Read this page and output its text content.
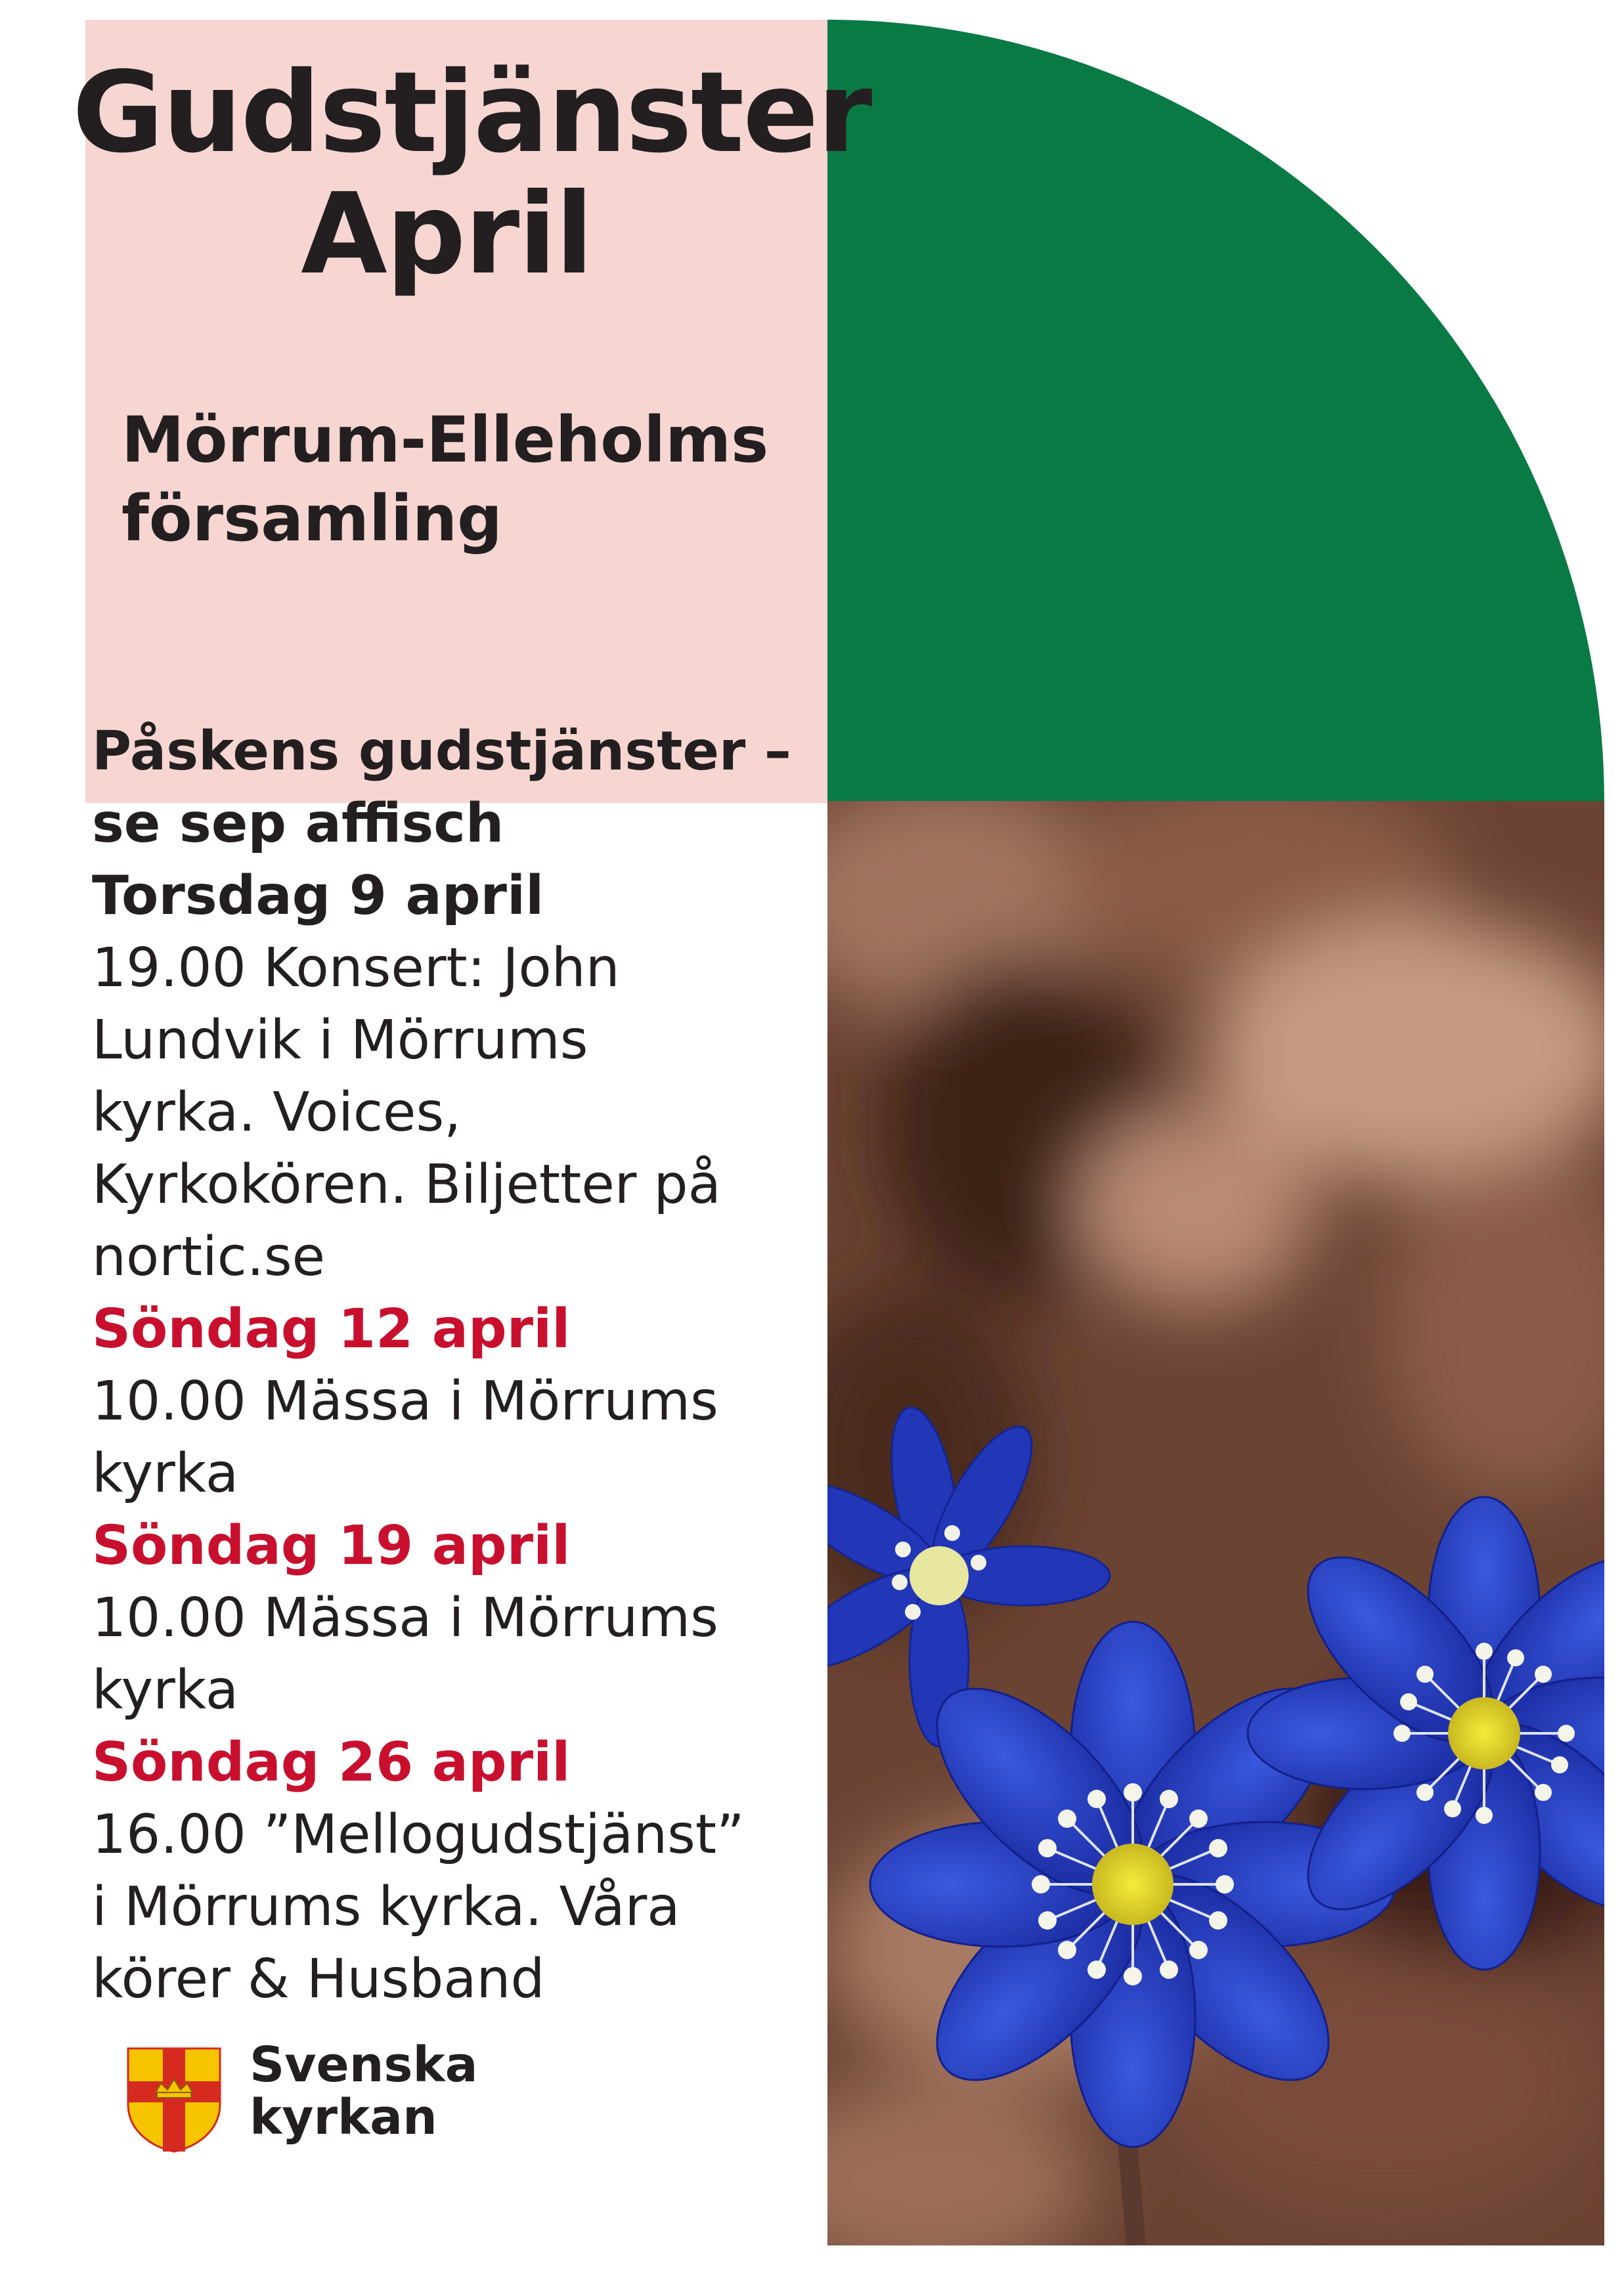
Gudstjänster
April
Mörrum-Elleholms
församling

Påskens gudstjänster –
se sep affisch

Torsdag 9 april

19.00 Konsert: John
Lundvik i Mörrums
kyrka. Voices,
Kyrkokören. Biljetter på
nortic.se

Söndag 12 april

10.00 Mässa i Mörrums
kyrka

Söndag 19 april

10.00 Mässa i Mörrums
kyrka

Söndag 26 april

16.00 ”Mellogudstjänst”
i Mörrums kyrka. Våra
körer & Husband

Svenska
kyrkan
